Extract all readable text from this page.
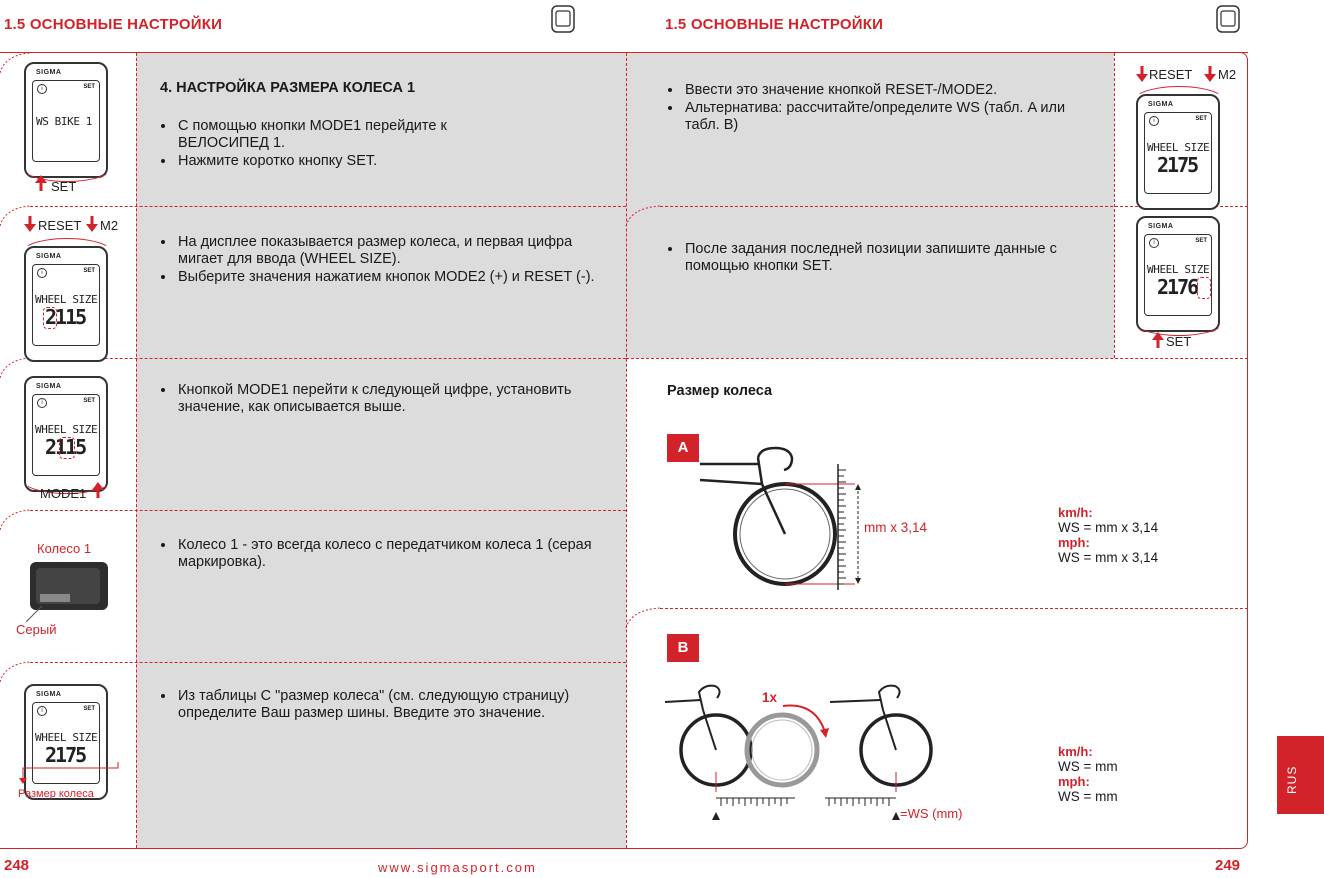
1.5 ОСНОВНЫЕ НАСТРОЙКИ	1.5 ОСНОВНЫЕ НАСТРОЙКИ
SIGMA
i	SET
WS BIKE 1
SET
4. НАСТРОЙКА РАЗМЕРА КОЛЕСА 1
• С помощью кнопки MODE1 перейдите к ВЕЛОСИПЕД 1.
• Нажмите коротко кнопку SET.
RESET M2
SIGMA
i	SET
WHEEL SIZE
2115
• На дисплее показывается размер колеса, и первая цифра мигает для ввода (WHEEL SIZE).
• Выберите значения нажатием кнопок MODE2 (+) и RESET (-).
SIGMA
i	SET
WHEEL SIZE
2115
MODE1
• Кнопкой MODE1 перейти к следующей цифре, установить значение, как описывается выше.
Колесо 1
Серый
• Колесо 1 - это всегда колесо с передатчиком колеса 1 (серая маркировка).
SIGMA
i	SET
WHEEL SIZE
2175
Размер колеса
• Из таблицы С "размер колеса" (см. следующую страницу) определите Ваш размер шины. Введите это значение.
• Ввести это значение кнопкой RESET-/MODE2.
• Альтернатива: рассчитайте/определите WS (табл. A или табл. B)
RESET M2
SIGMA
i	SET
WHEEL SIZE
2175
• После задания последней позиции запишите данные с помощью кнопки SET.
SIGMA
i	SET
WHEEL SIZE
2176
SET
Размер колеса
A
mm x 3,14
km/h:
WS = mm x 3,14
mph:
WS = mm x 3,14
B
1x
=WS (mm)
km/h:
WS = mm
mph:
WS = mm
RUS
248	www.sigmasport.com	249
